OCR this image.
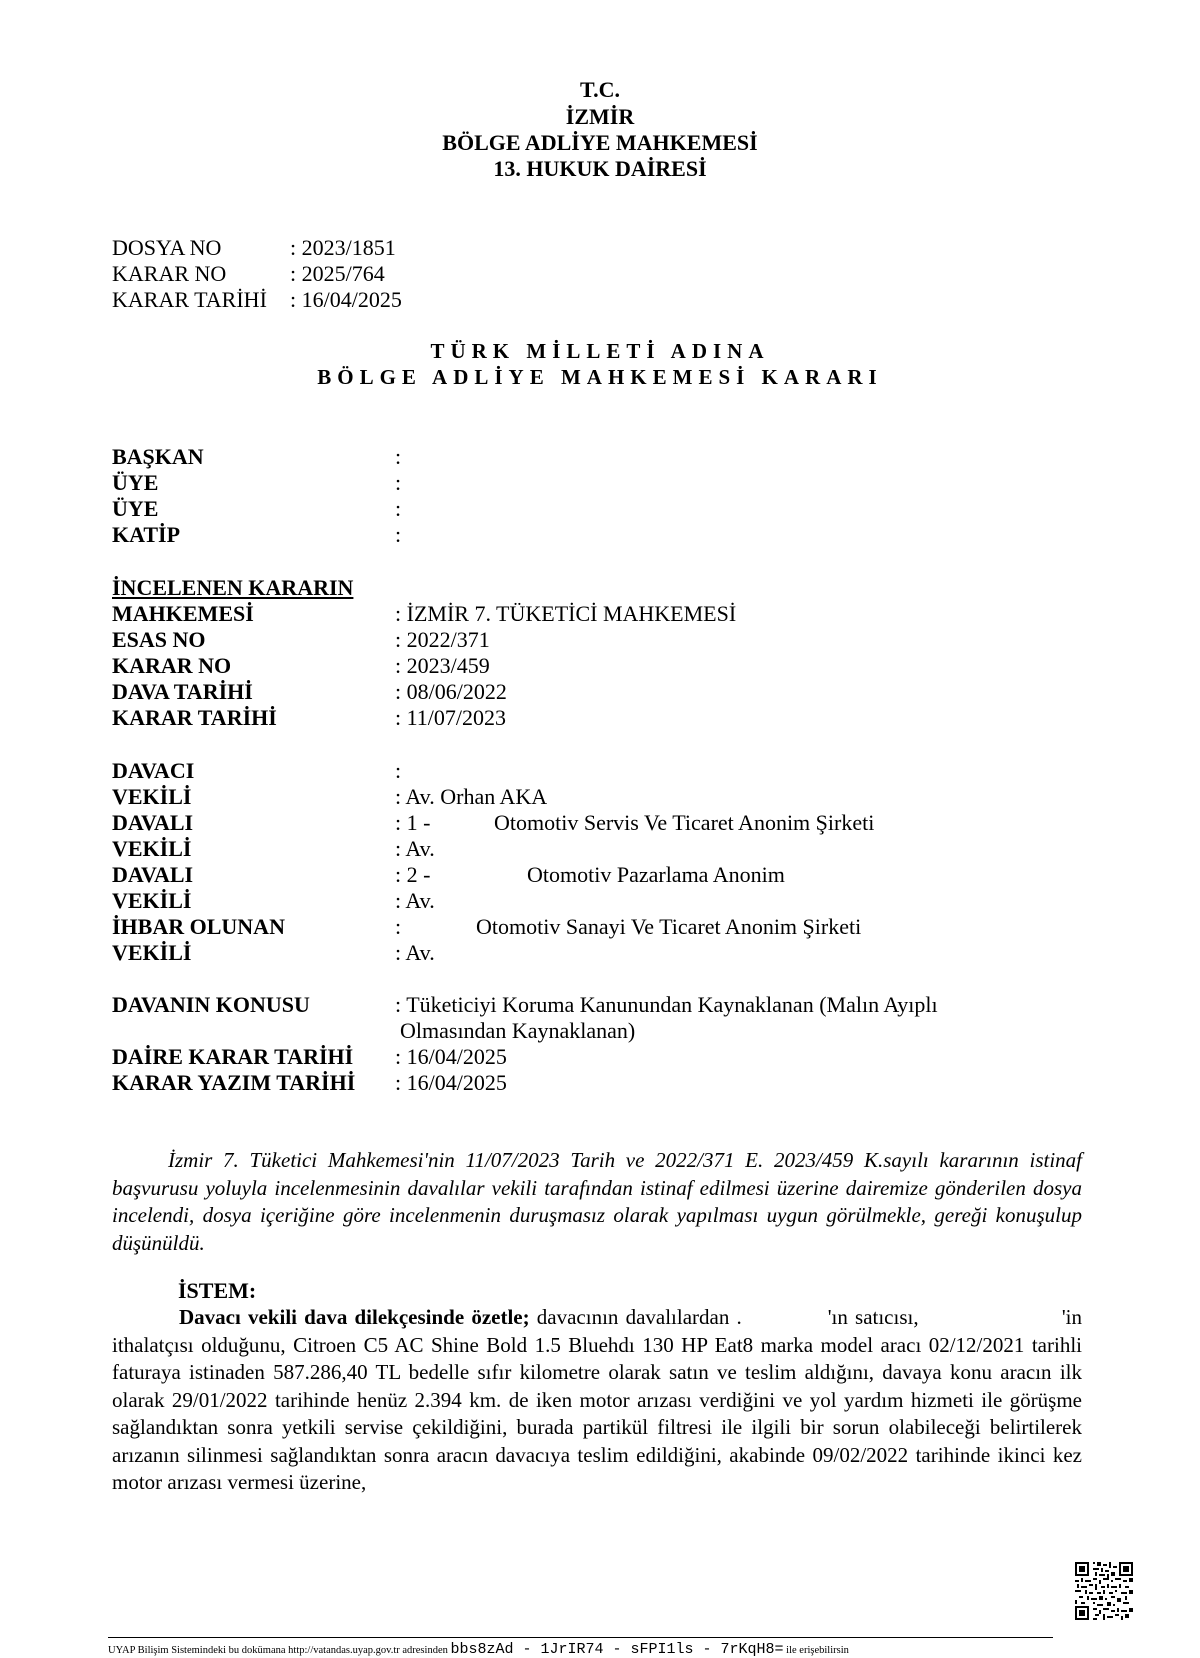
T.C.
İZMİR
BÖLGE ADLİYE MAHKEMESİ
13. HUKUK DAİRESİ
DOSYA NO	: 2023/1851
KARAR NO	: 2025/764
KARAR TARİHİ : 16/04/2025
TÜRK MİLLETİ ADINA
BÖLGE ADLİYE MAHKEMESİ KARARI
BAŞKAN	:
ÜYE	:
ÜYE	:
KATİP	:
İNCELENEN KARARIN
MAHKEMESİ	: İZMİR 7. TÜKETİCİ MAHKEMESİ
ESAS NO	: 2022/371
KARAR NO	: 2023/459
DAVA TARİHİ	: 08/06/2022
KARAR TARİHİ	: 11/07/2023
DAVACI	:
VEKİLİ	: Av. Orhan AKA
DAVALI	: 1 -	Otomotiv Servis Ve Ticaret Anonim Şirketi
VEKİLİ	: Av.
DAVALI	: 2 -	Otomotiv Pazarlama Anonim
VEKİLİ	: Av.
İHBAR OLUNAN	:	Otomotiv Sanayi Ve Ticaret Anonim Şirketi
VEKİLİ	: Av.
DAVANIN KONUSU	: Tüketiciyi Koruma Kanunundan Kaynaklanan (Malın Ayıplı
Olmasından Kaynaklanan)
DAİRE KARAR TARİHİ : 16/04/2025
KARAR YAZIM TARİHİ : 16/04/2025
İzmir 7. Tüketici Mahkemesi'nin 11/07/2023 Tarih ve 2022/371 E. 2023/459 K.sayılı kararının istinaf başvurusu yoluyla incelenmesinin davalılar vekili tarafından istinaf edilmesi üzerine dairemize gönderilen dosya incelendi, dosya içeriğine göre incelenmenin duruşmasız olarak yapılması uygun görülmekle, gereği konuşulup düşünüldü.
İSTEM:
Davacı vekili dava dilekçesinde özetle; davacının davalılardan .            'ın satıcısı,                    'in ithalatçısı olduğunu, Citroen C5 AC Shine Bold 1.5 Bluehdı 130 HP Eat8 marka model aracı 02/12/2021 tarihli faturaya istinaden 587.286,40 TL bedelle sıfır kilometre olarak satın ve teslim aldığını, davaya konu aracın ilk olarak 29/01/2022 tarihinde henüz 2.394 km. de iken motor arızası verdiğini ve yol yardım hizmeti ile görüşme sağlandıktan sonra yetkili servise çekildiğini, burada partikül filtresi ile ilgili bir sorun olabileceği belirtilerek arızanın silinmesi sağlandıktan sonra aracın davacıya teslim edildiğini, akabinde 09/02/2022 tarihinde ikinci kez motor arızası vermesi üzerine,
UYAP Bilişim Sistemindeki bu dokümana http://vatandas.uyap.gov.tr adresinden bbs8zAd - 1JrIR74 - sFPI1ls - 7rKqH8= ile erişebilirsin
